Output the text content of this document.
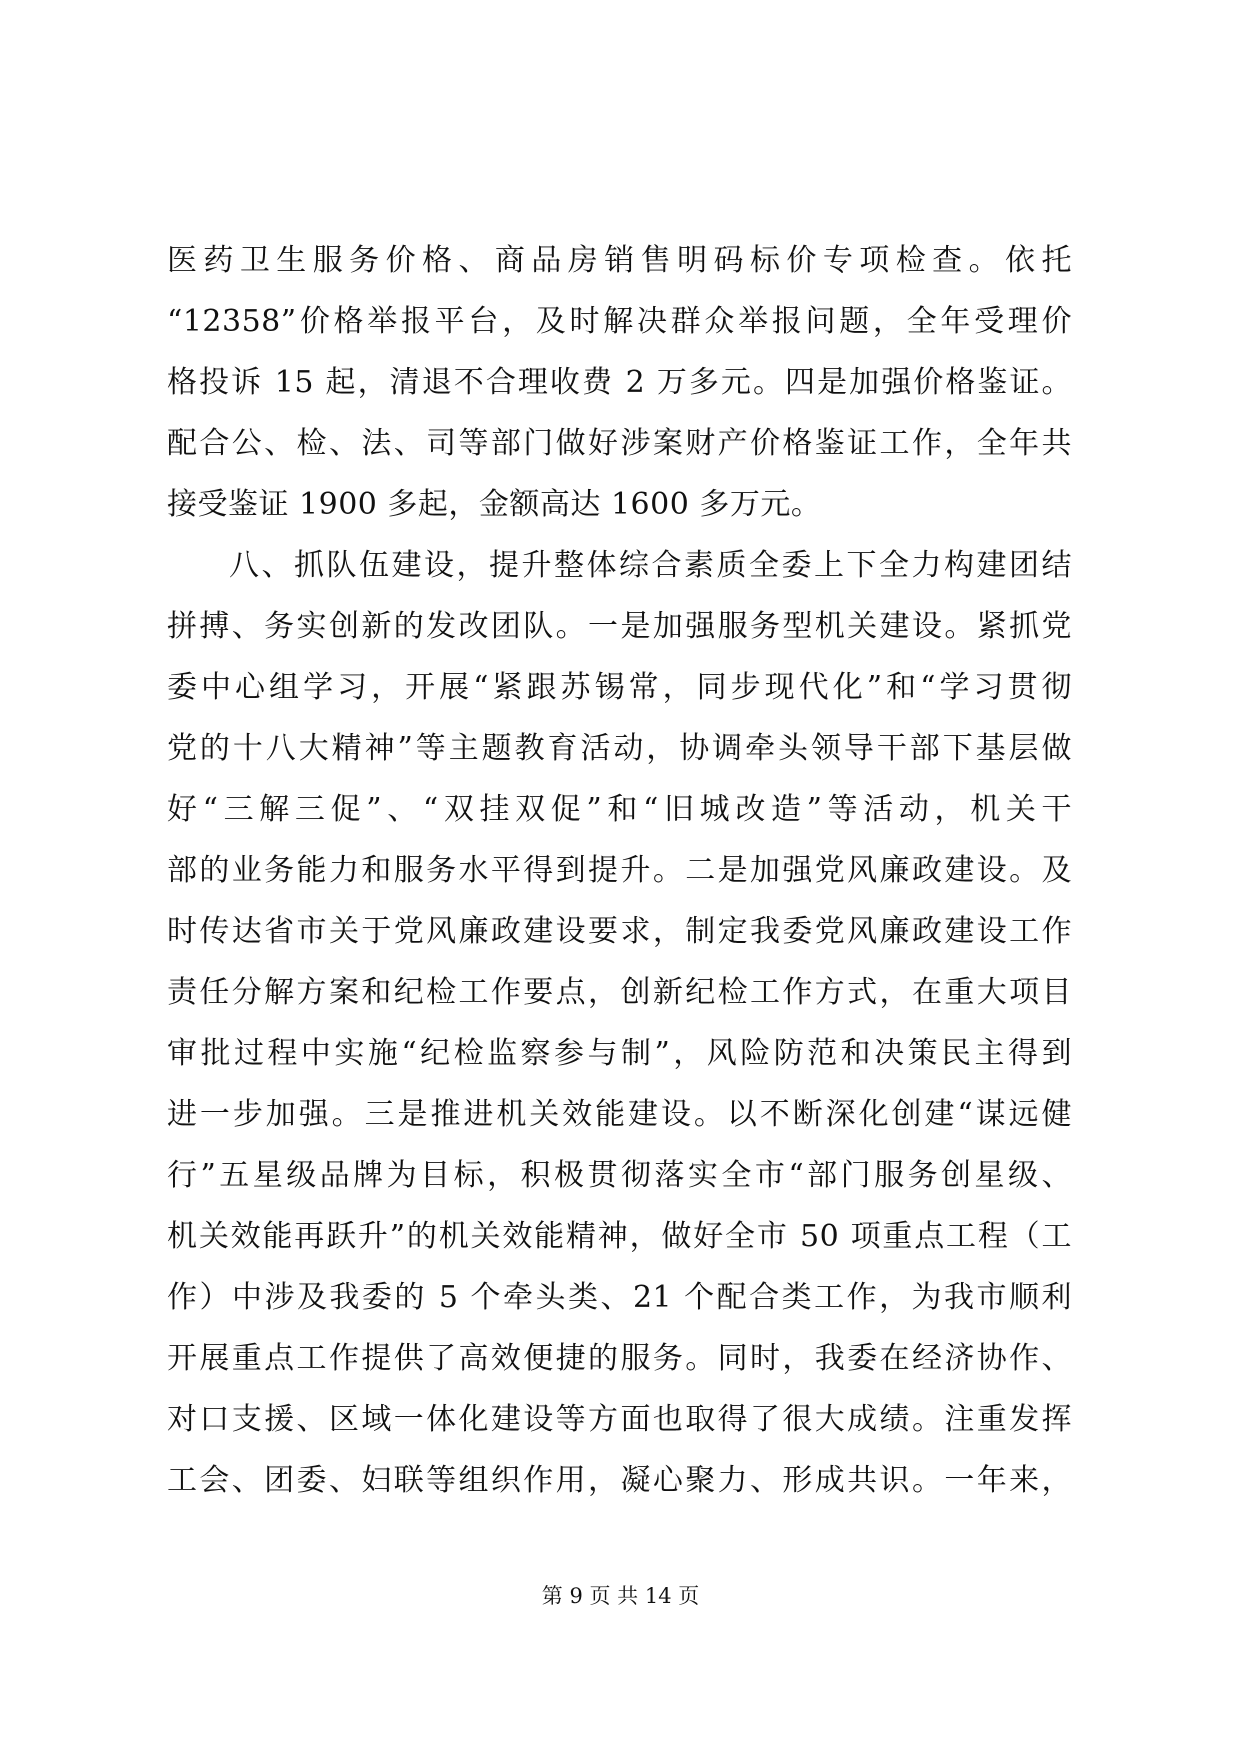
医药卫生服务价格、商品房销售明码标价专项检查。依托
“12358”价格举报平台，及时解决群众举报问题，全年受理价
格投诉 15 起，清退不合理收费 2 万多元。四是加强价格鉴证。
配合公、检、法、司等部门做好涉案财产价格鉴证工作，全年共
接受鉴证 1900 多起，金额高达 1600 多万元。
八、抓队伍建设，提升整体综合素质全委上下全力构建团结
拼搏、务实创新的发改团队。一是加强服务型机关建设。紧抓党
委中心组学习，开展“紧跟苏锡常，同步现代化”和“学习贯彻
党的十八大精神”等主题教育活动，协调牵头领导干部下基层做
好“三解三促”、“双挂双促”和“旧城改造”等活动，机关干
部的业务能力和服务水平得到提升。二是加强党风廉政建设。及
时传达省市关于党风廉政建设要求，制定我委党风廉政建设工作
责任分解方案和纪检工作要点，创新纪检工作方式，在重大项目
审批过程中实施“纪检监察参与制”，风险防范和决策民主得到
进一步加强。三是推进机关效能建设。以不断深化创建“谋远健
行”五星级品牌为目标，积极贯彻落实全市“部门服务创星级、
机关效能再跃升”的机关效能精神，做好全市 50 项重点工程（工
作）中涉及我委的 5 个牵头类、21 个配合类工作，为我市顺利
开展重点工作提供了高效便捷的服务。同时，我委在经济协作、
对口支援、区域一体化建设等方面也取得了很大成绩。注重发挥
工会、团委、妇联等组织作用，凝心聚力、形成共识。一年来，
第 9 页 共 14 页
